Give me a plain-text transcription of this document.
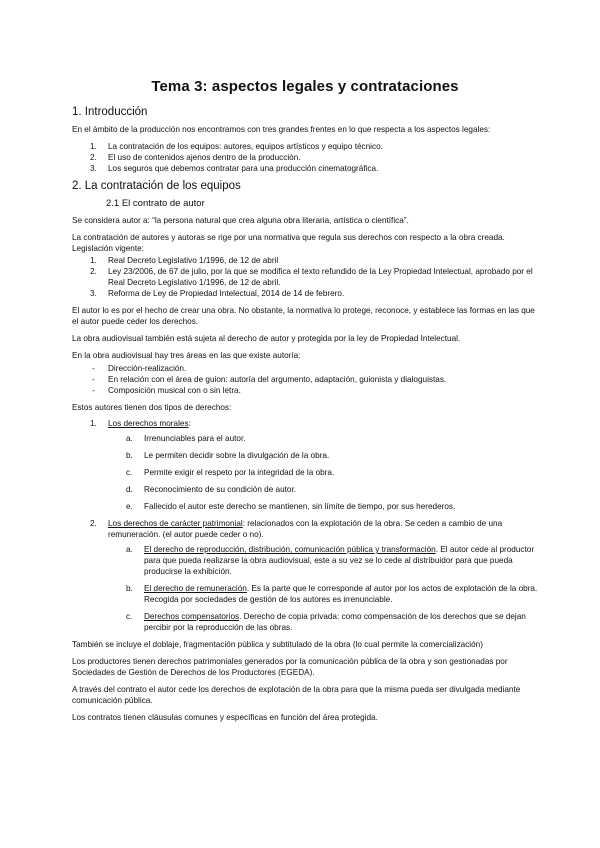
Tema 3: aspectos legales y contrataciones
1. Introducción

En el ámbito de la producción nos encontramos con tres grandes frentes en lo que respecta a los aspectos legales:

1. La contratación de los equipos: autores, equipos artísticos y equipo técnico.
2. El uso de contenidos ajenos dentro de la producción.
3. Los seguros que debemos contratar para una producción cinematográfica.
2. La contratación de los equipos
2.1 El contrato de autor

Se considera autor a: “la persona natural que crea alguna obra literaria, artística o científica”.

La contratación de autores y autoras se rige por una normativa que regula sus derechos con respecto a la obra creada. Legislación vigente:

1. Real Decreto Legislativo 1/1996, de 12 de abril
2. Ley 23/2006, de 67 de julio, por la que se modifica el texto refundido de la Ley Propiedad Intelectual, aprobado por el Real Decreto Legislativo 1/1996, de 12 de abril.
3. Reforma de Ley de Propiedad Intelectual, 2014 de 14 de febrero.

El autor lo es por el hecho de crear una obra. No obstante, la normativa lo protege, reconoce, y establece las formas en las que el autor puede ceder los derechos.

La obra audiovisual también está sujeta al derecho de autor y protegida por la ley de Propiedad Intelectual.

En la obra audiovisual hay tres áreas en las que existe autoría:

- Dirección-realización.
- En relación con el área de guion: autoría del argumento, adaptación, guionista y dialoguistas.
- Composición musical con o sin letra.

Estos autores tienen dos tipos de derechos:

1. Los derechos morales:
a. Irrenunciables para el autor.
b. Le permiten decidir sobre la divulgación de la obra.
c. Permite exigir el respeto por la integridad de la obra.
d. Reconocimiento de su condición de autor.
e. Fallecido el autor este derecho se mantienen, sin límite de tiempo, por sus herederos.
2. Los derechos de carácter patrimonial: relacionados con la explotación de la obra. Se ceden a cambio de una remuneración. (el autor puede ceder o no).
a. El derecho de reproducción, distribución, comunicación pública y transformación. El autor cede al productor para que pueda realizarse la obra audiovisual, este a su vez se lo cede al distribuidor para que pueda producirse la exhibición.
b. El derecho de remuneración. Es la parte que le corresponde al autor por los actos de explotación de la obra. Recogida por sociedades de gestión de los autores es irrenunciable.
c. Derechos compensatorios. Derecho de copia privada: como compensación de los derechos que se dejan percibir por la reproducción de las obras.

También se incluye el doblaje, fragmentación pública y subtitulado de la obra (lo cual permite la comercialización)

Los productores tienen derechos patrimoniales generados por la comunicación pública de la obra y son gestionadas por Sociedades de Gestión de Derechos de los Productores (EGEDA).

A través del contrato el autor cede los derechos de explotación de la obra para que la misma pueda ser divulgada mediante comunicación pública.

Los contratos tienen cláusulas comunes y específicas en función del área protegida.
